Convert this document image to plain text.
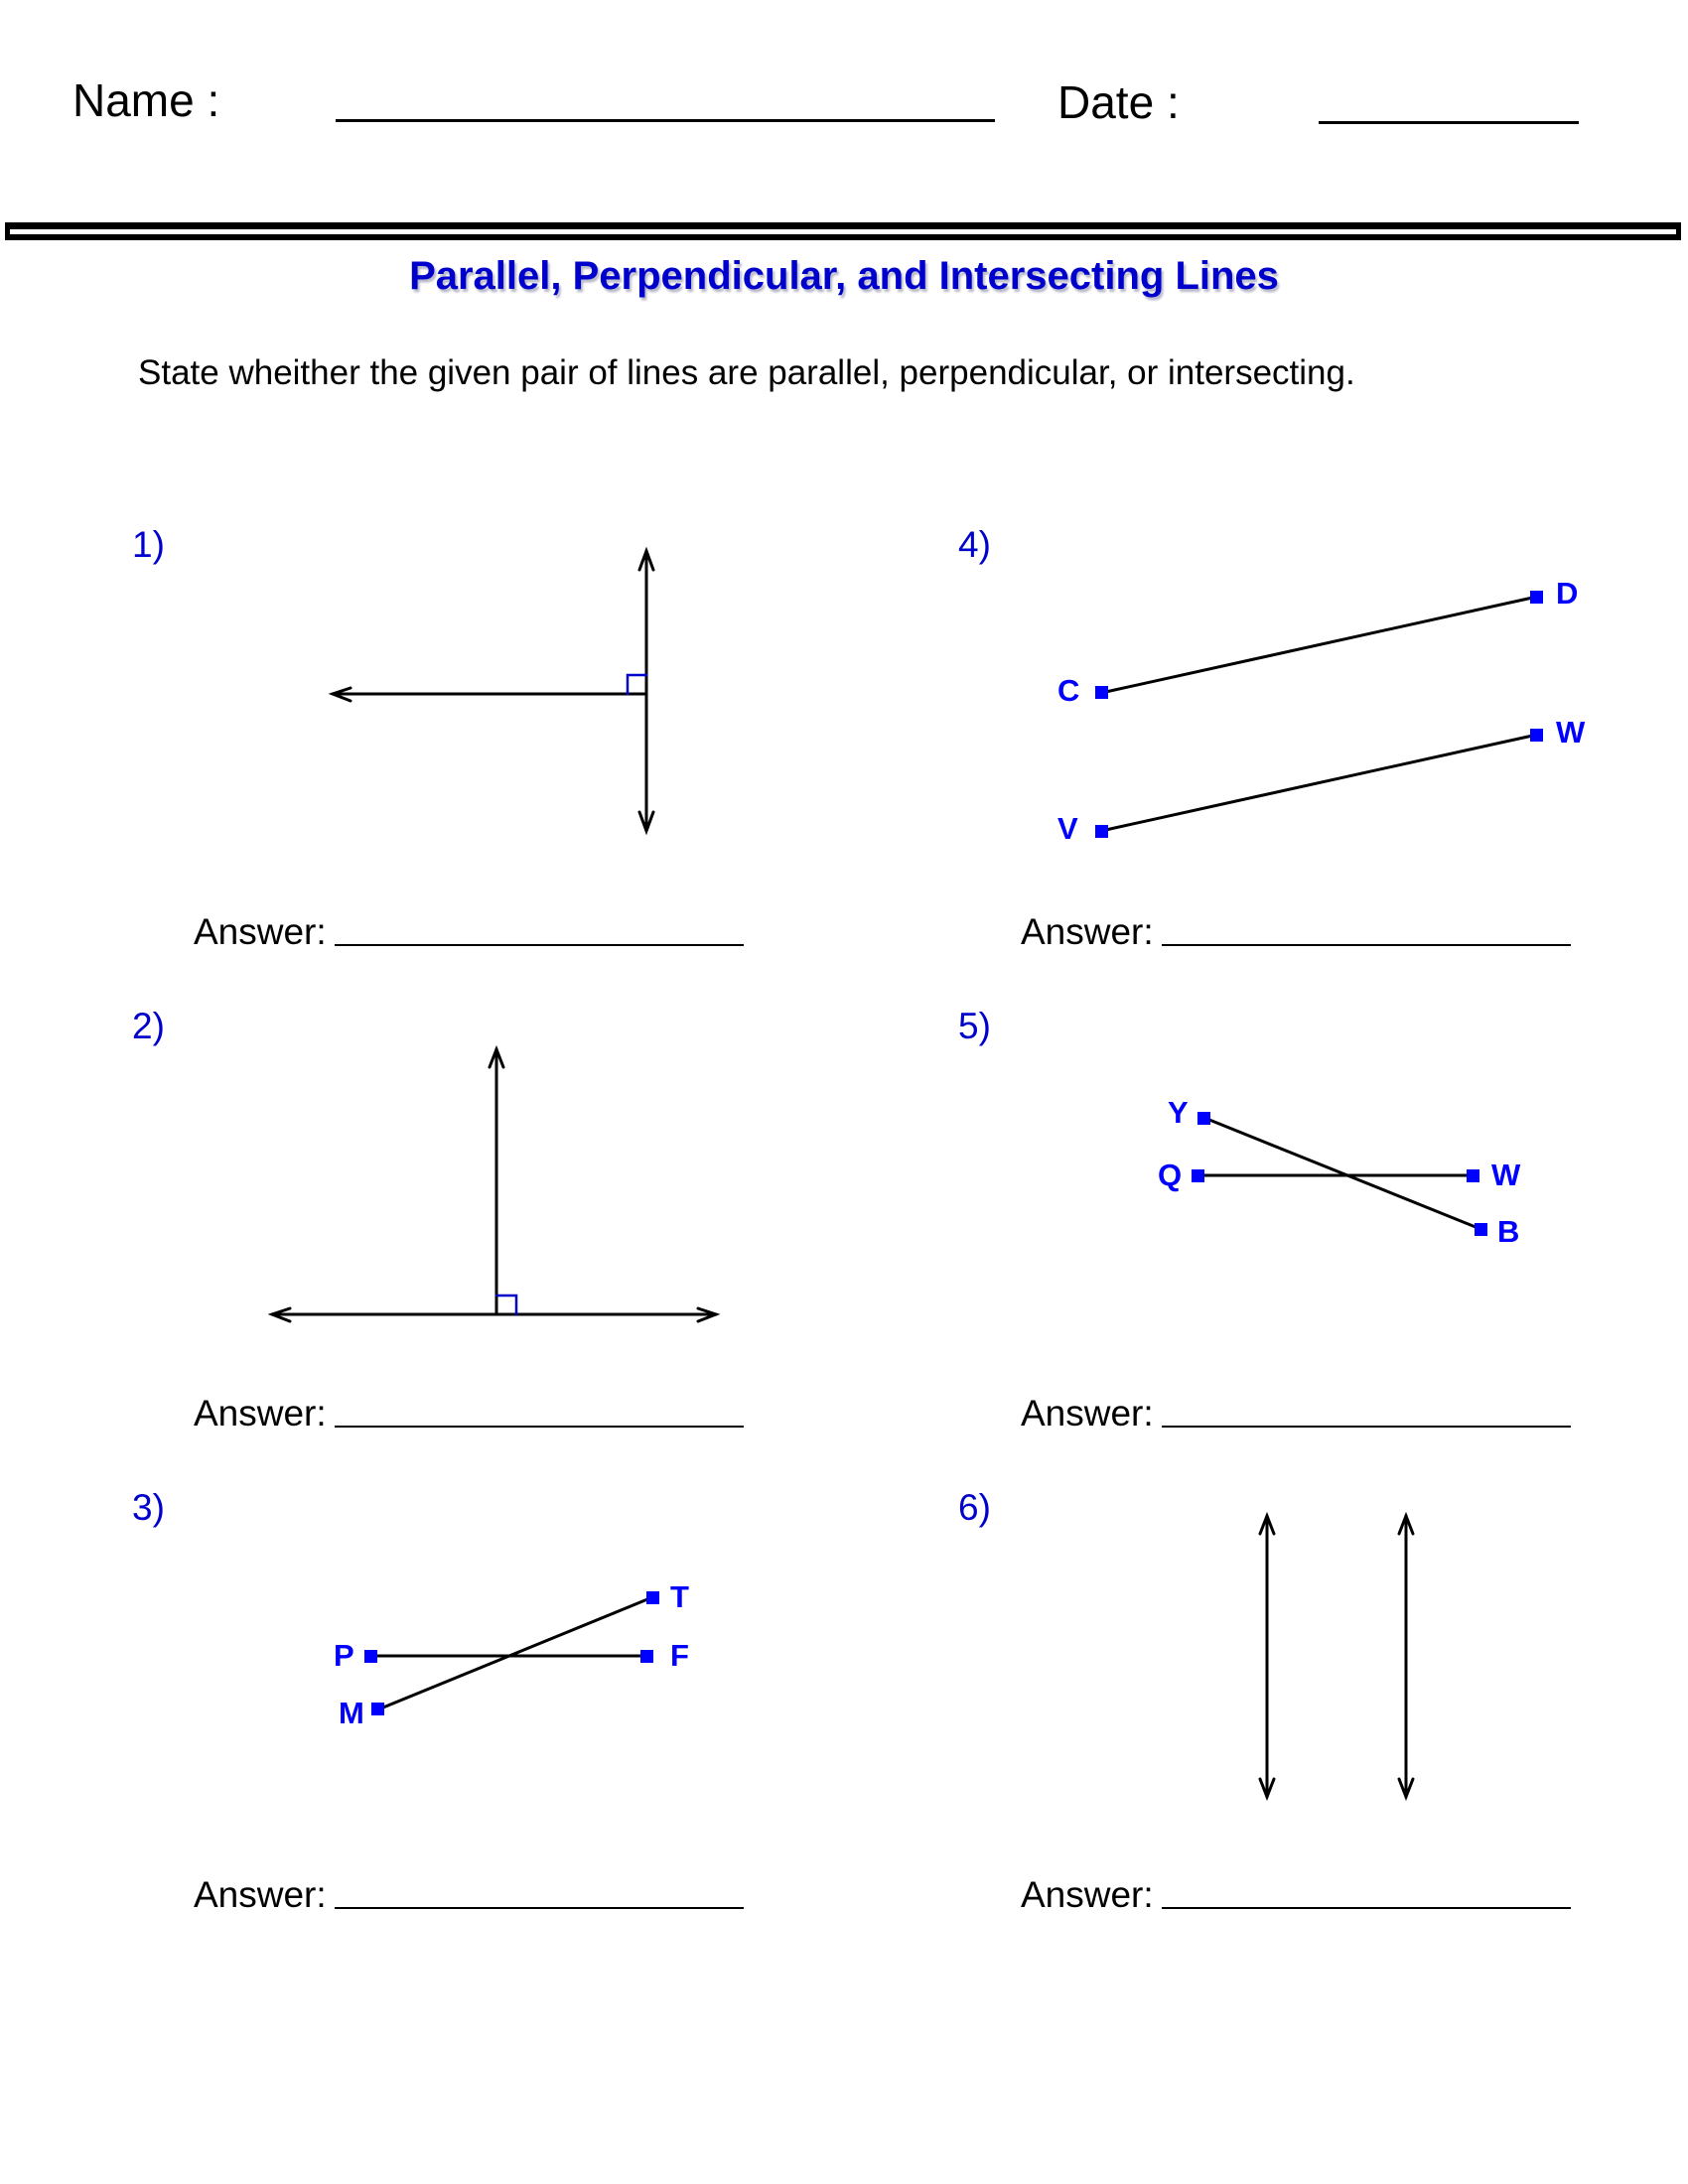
Name :	Date :
Parallel, Perpendicular, and Intersecting Lines
State wheither the given pair of lines are parallel, perpendicular, or intersecting.
1)
2)
3)
4)
5)
6)
Answer:
Answer:
Answer:
Answer:
Answer:
Answer:
C
D
V
W
Y
B
Q	W
P	F
M
T
